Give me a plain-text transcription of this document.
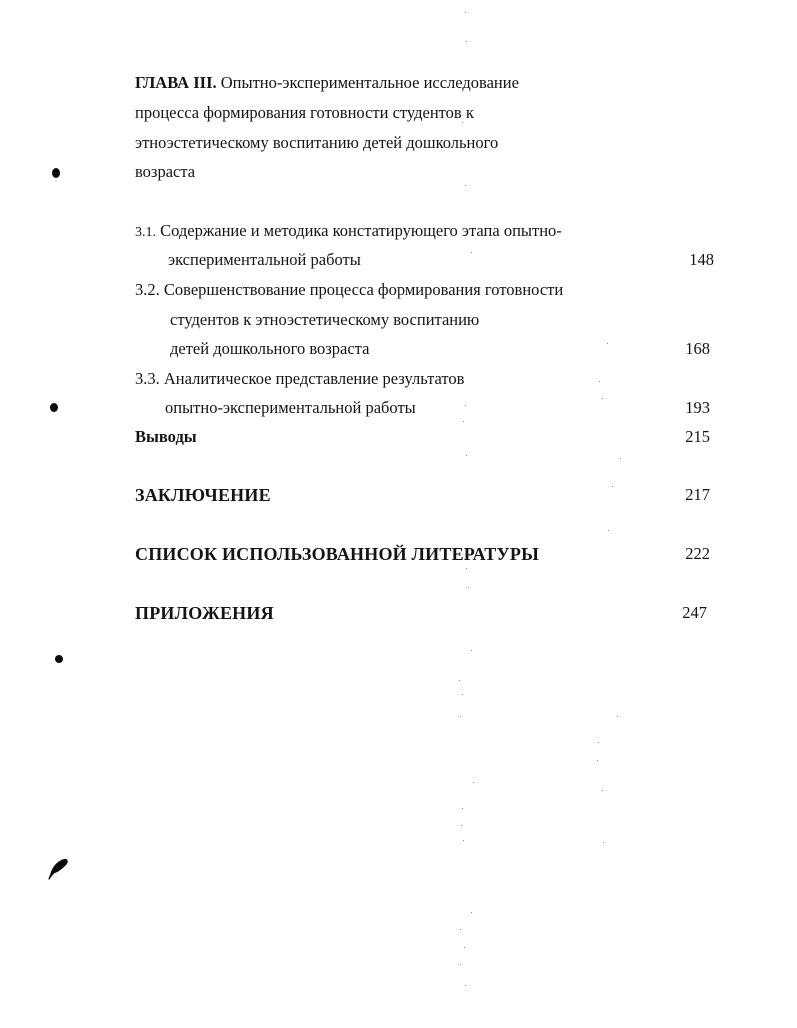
ГЛАВА III. Опытно-экспериментальное исследование
процесса формирования готовности студентов к
этноэстетическому воспитанию детей дошкольного
возраста
3.1. Содержание и методика констатирующего этапа опытно-
экспериментальной работы	148
3.2. Совершенствование процесса формирования готовности
студентов к этноэстетическому воспитанию
детей дошкольного возраста	168
3.3. Аналитическое представление результатов
опытно-экспериментальной работы	193
Выводы	215
ЗАКЛЮЧЕНИЕ	217
СПИСОК ИСПОЛЬЗОВАННОЙ ЛИТЕРАТУРЫ	222
ПРИЛОЖЕНИЯ	247
